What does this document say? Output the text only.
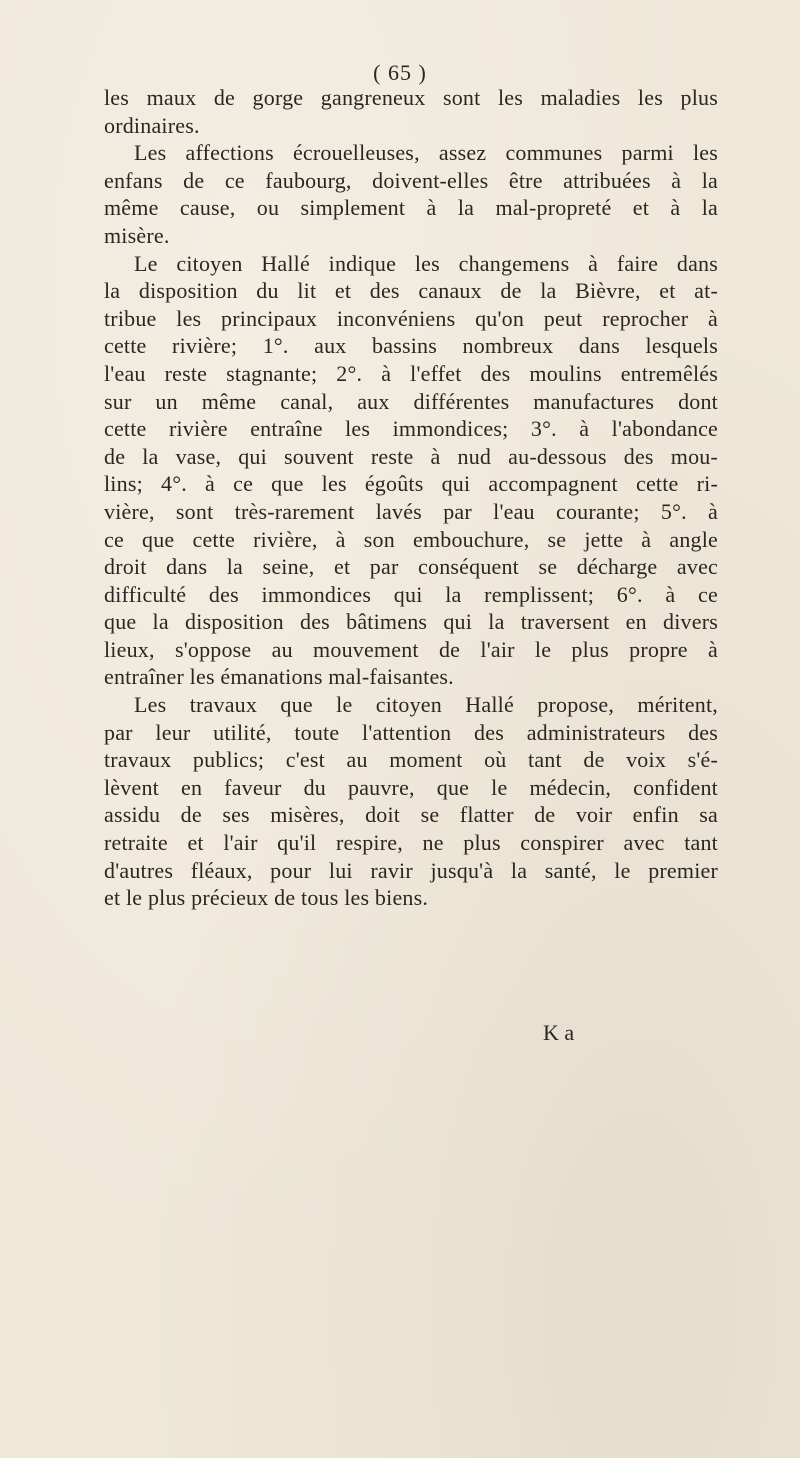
( 65 )
les maux de gorge gangreneux sont les maladies les plus
ordinaires.
Les affections écrouelleuses, assez communes parmi les
enfans de ce faubourg, doivent-elles être attribuées à la
même cause, ou simplement à la mal-propreté et à la
misère.
Le citoyen Hallé indique les changemens à faire dans
la disposition du lit et des canaux de la Bièvre, et at-
tribue les principaux inconvéniens qu'on peut reprocher à
cette rivière; 1°. aux bassins nombreux dans lesquels
l'eau reste stagnante; 2°. à l'effet des moulins entremêlés
sur un même canal, aux différentes manufactures dont
cette rivière entraîne les immondices; 3°. à l'abondance
de la vase, qui souvent reste à nud au-dessous des mou-
lins; 4°. à ce que les égoûts qui accompagnent cette ri-
vière, sont très-rarement lavés par l'eau courante; 5°. à
ce que cette rivière, à son embouchure, se jette à angle
droit dans la seine, et par conséquent se décharge avec
difficulté des immondices qui la remplissent; 6°. à ce
que la disposition des bâtimens qui la traversent en divers
lieux, s'oppose au mouvement de l'air le plus propre à
entraîner les émanations mal-faisantes.
Les travaux que le citoyen Hallé propose, méritent,
par leur utilité, toute l'attention des administrateurs des
travaux publics; c'est au moment où tant de voix s'é-
lèvent en faveur du pauvre, que le médecin, confident
assidu de ses misères, doit se flatter de voir enfin sa
retraite et l'air qu'il respire, ne plus conspirer avec tant
d'autres fléaux, pour lui ravir jusqu'à la santé, le premier
et le plus précieux de tous les biens.
K a
